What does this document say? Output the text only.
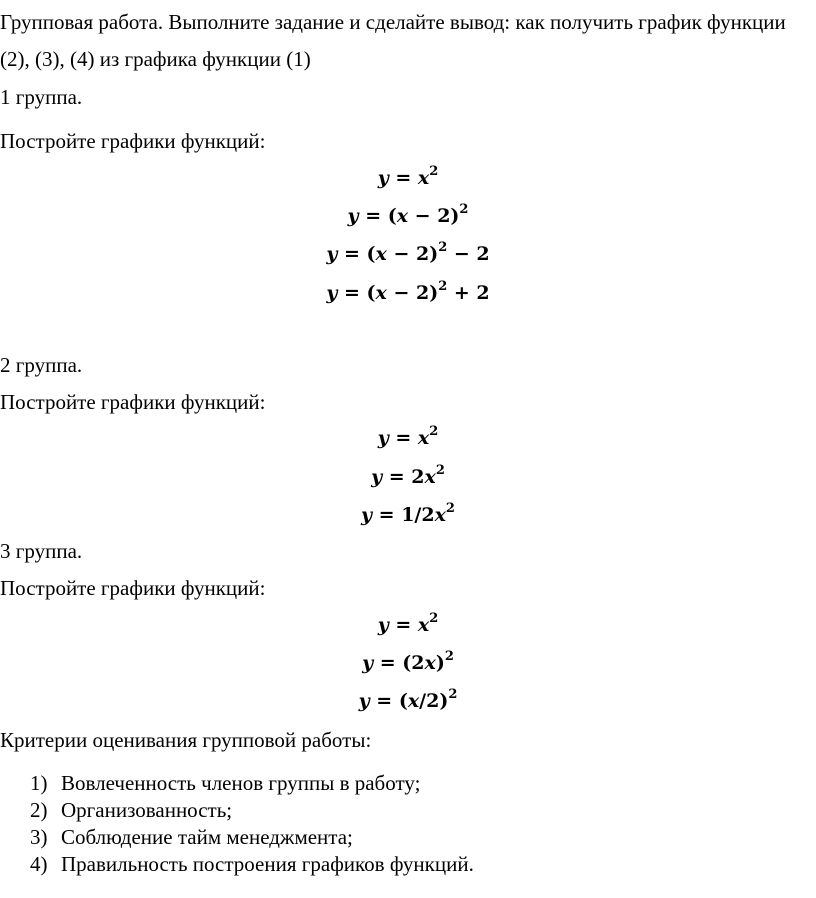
Групповая работа. Выполните задание и сделайте вывод: как получить график функции (2), (3), (4) из графика функции (1)
1 группа.
Постройте графики функций:
$y = x^2$
$y = (x - 2)^2$
$y = (x - 2)^2 - 2$
$y = (x - 2)^2 + 2$
2 группа.
Постройте графики функций:
$y = x^2$
$y = 2x^2$
$y = 1/2x^2$
3 группа.
Постройте графики функций:
$y = x^2$
$y = (2x)^2$
$y = (x/2)^2$
Критерии оценивания групповой работы:
1) Вовлеченность членов группы в работу;
2) Организованность;
3) Соблюдение тайм менеджмента;
4) Правильность построения графиков функций.
